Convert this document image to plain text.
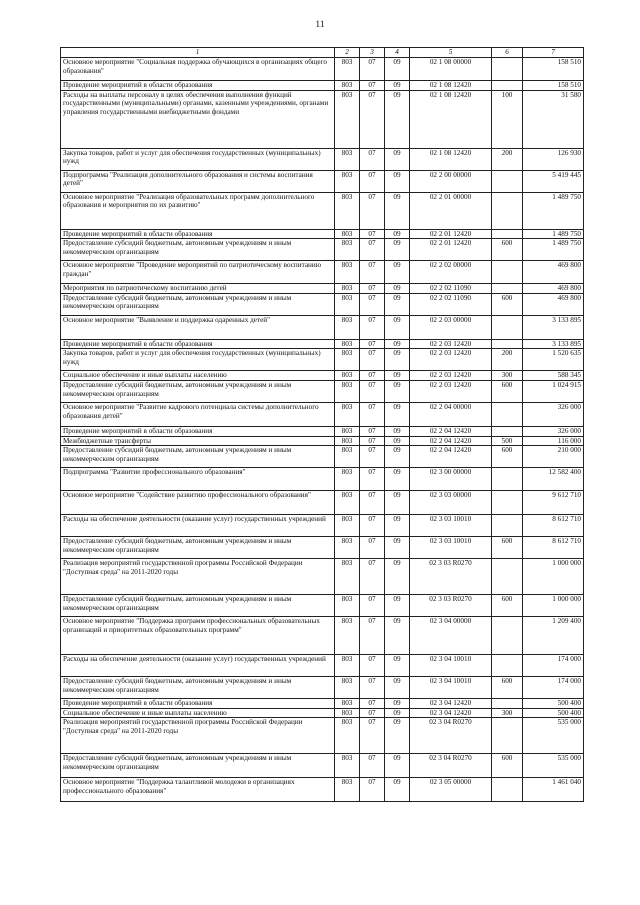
11
1	2	3	4	5	6	7
Основное мероприятие "Социальная поддержка обучающихся в организациях общего образования"	803	07	09	02 1 08 00000		158 510
Проведение мероприятий в области образования	803	07	09	02 1 08 12420		158 510
Расходы на выплаты персоналу в целях обеспечения выполнения функций государственными (муниципальными) органами, казенными учреждениями, органами управления государственными внебюджетными фондами	803	07	09	02 1 08 12420	100	31 580
Закупка товаров, работ и услуг для обеспечения государственных (муниципальных) нужд	803	07	09	02 1 08 12420	200	126 930
Подпрограмма "Реализация дополнительного образования и системы воспитания детей"	803	07	09	02 2 00 00000		5 419 445
Основное мероприятие "Реализация образовательных программ дополнительного образования и мероприятия по их развитию"	803	07	09	02 2 01 00000		1 489 750
Проведение мероприятий в области образования	803	07	09	02 2 01 12420		1 489 750
Предоставление субсидий бюджетным, автономным учреждениям и иным некоммерческим организациям	803	07	09	02 2 01 12420	600	1 489 750
Основное мероприятие "Проведение мероприятий по патриотическому воспитанию граждан"	803	07	09	02 2 02 00000		469 800
Мероприятия по патриотическому воспитанию детей	803	07	09	02 2 02 11090		469 800
Предоставление субсидий бюджетным, автономным учреждениям и иным некоммерческим организациям	803	07	09	02 2 02 11090	600	469 800
Основное мероприятие "Выявление и поддержка одаренных детей"	803	07	09	02 2 03 00000		3 133 895
Проведение мероприятий в области образования	803	07	09	02 2 03 12420		3 133 895
Закупка товаров, работ и услуг для обеспечения государственных (муниципальных) нужд	803	07	09	02 2 03 12420	200	1 520 635
Социальное обеспечение и иные выплаты населению	803	07	09	02 2 03 12420	300	588 345
Предоставление субсидий бюджетным, автономным учреждениям и иным некоммерческим организациям	803	07	09	02 2 03 12420	600	1 024 915
Основное мероприятие "Развитие кадрового потенциала системы дополнительного образования детей"	803	07	09	02 2 04 00000		326 000
Проведение мероприятий в области образования	803	07	09	02 2 04 12420		326 000
Межбюджетные трансферты	803	07	09	02 2 04 12420	500	116 000
Предоставление субсидий бюджетным, автономным учреждениям и иным некоммерческим организациям	803	07	09	02 2 04 12420	600	210 000
Подпрограмма "Развитие профессионального образования"	803	07	09	02 3 00 00000		12 582 400
Основное мероприятие "Содействие развитию профессионального образования"	803	07	09	02 3 03 00000		9 612 710
Расходы на обеспечение деятельности (оказание услуг) государственных учреждений	803	07	09	02 3 03 10010		8 612 710
Предоставление субсидий бюджетным, автономным учреждениям и иным некоммерческим организациям	803	07	09	02 3 03 10010	600	8 612 710
Реализация мероприятий государственной программы Российской Федерации "Доступная среда" на 2011-2020 годы	803	07	09	02 3 03 R0270		1 000 000
Предоставление субсидий бюджетным, автономным учреждениям и иным некоммерческим организациям	803	07	09	02 3 03 R0270	600	1 000 000
Основное мероприятие "Поддержка программ профессиональных образовательных организаций и приоритетных образовательных программ"	803	07	09	02 3 04 00000		1 209 400
Расходы на обеспечение деятельности (оказание услуг) государственных учреждений	803	07	09	02 3 04 10010		174 000
Предоставление субсидий бюджетным, автономным учреждениям и иным некоммерческим организациям	803	07	09	02 3 04 10010	600	174 000
Проведение мероприятий в области образования	803	07	09	02 3 04 12420		500 400
Социальное обеспечение и иные выплаты населению	803	07	09	02 3 04 12420	300	500 400
Реализация мероприятий государственной программы Российской Федерации "Доступная среда" на 2011-2020 годы	803	07	09	02 3 04 R0270		535 000
Предоставление субсидий бюджетным, автономным учреждениям и иным некоммерческим организациям	803	07	09	02 3 04 R0270	600	535 000
Основное мероприятие "Поддержка талантливой молодежи в организациях профессионального образования"	803	07	09	02 3 05 00000		1 461 040
